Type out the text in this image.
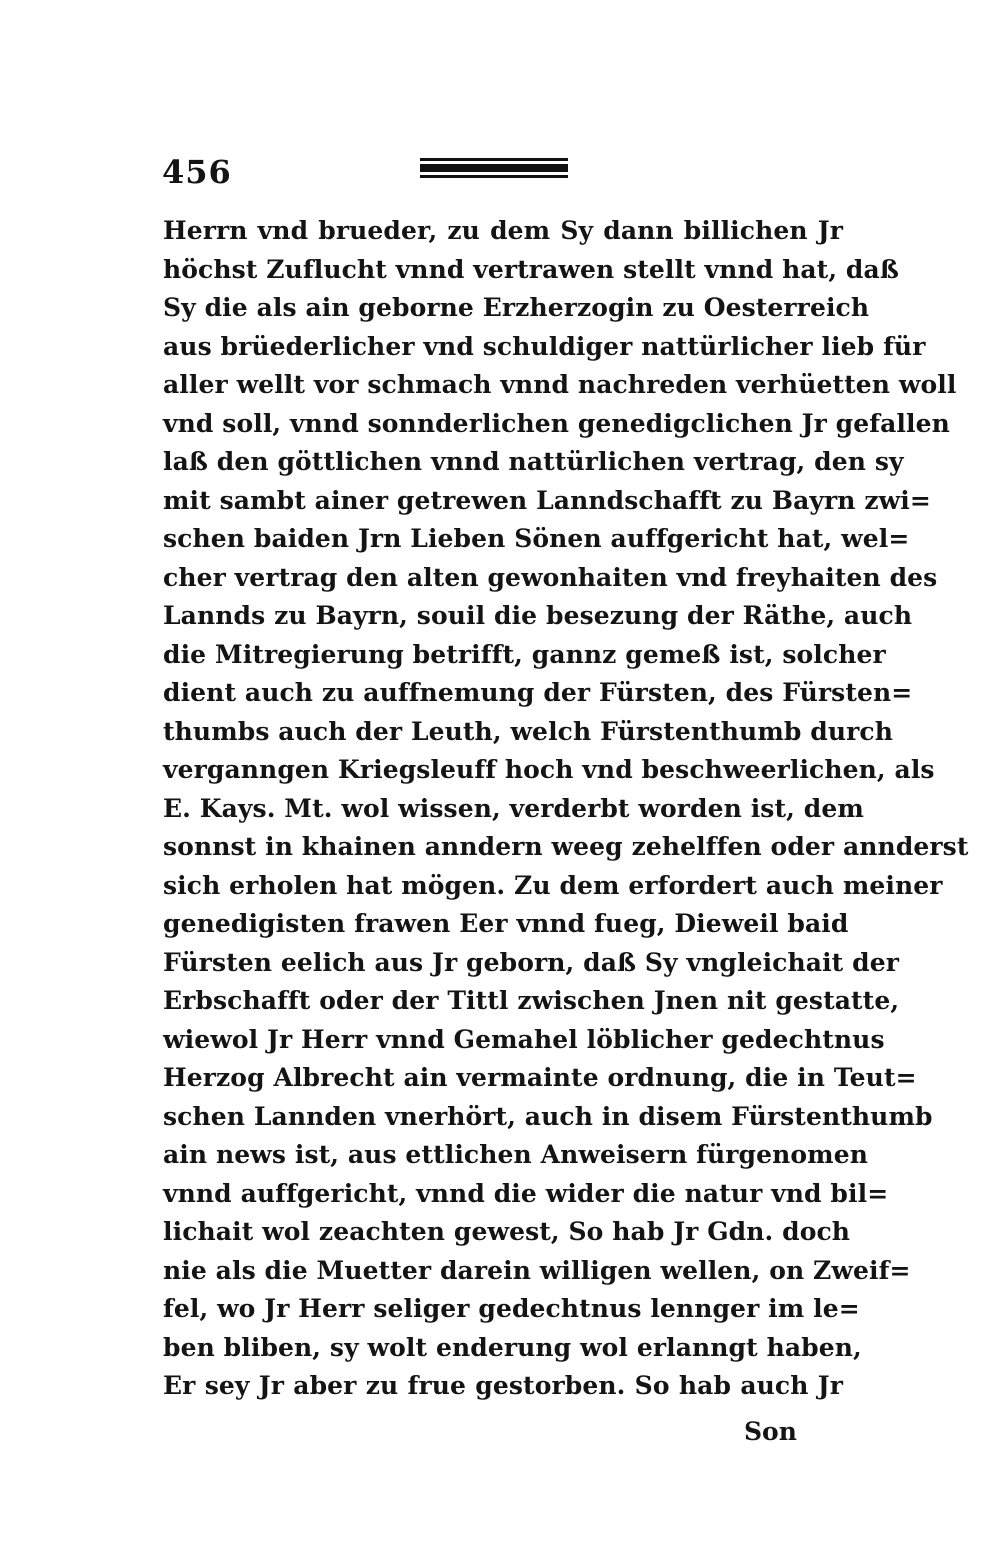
456
Herrn vnd brueder, zu dem Sy dann billichen Jr
höchst Zuflucht vnnd vertrawen stellt vnnd hat, daß
Sy die als ain geborne Erzherzogin zu Oesterreich
aus brüederlicher vnd schuldiger nattürlicher lieb für
aller wellt vor schmach vnnd nachreden verhüetten woll
vnd soll, vnnd sonnderlichen genedigclichen Jr gefallen
laß den göttlichen vnnd nattürlichen vertrag, den sy
mit sambt ainer getrewen Lanndschafft zu Bayrn zwi=
schen baiden Jrn Lieben Sönen auffgericht hat, wel=
cher vertrag den alten gewonhaiten vnd freyhaiten des
Lannds zu Bayrn, souil die besezung der Räthe, auch
die Mitregierung betrifft, gannz gemeß ist, solcher
dient auch zu auffnemung der Fürsten, des Fürsten=
thumbs auch der Leuth, welch Fürstenthumb durch
verganngen Kriegsleuff hoch vnd beschweerlichen, als
E. Kays. Mt. wol wissen, verderbt worden ist, dem
sonnst in khainen anndern weeg zehelffen oder annderst
sich erholen hat mögen. Zu dem erfordert auch meiner
genedigisten frawen Eer vnnd fueg, Dieweil baid
Fürsten eelich aus Jr geborn, daß Sy vngleichait der
Erbschafft oder der Tittl zwischen Jnen nit gestatte,
wiewol Jr Herr vnnd Gemahel löblicher gedechtnus
Herzog Albrecht ain vermainte ordnung, die in Teut=
schen Lannden vnerhört, auch in disem Fürstenthumb
ain news ist, aus ettlichen Anweisern fürgenomen
vnnd auffgericht, vnnd die wider die natur vnd bil=
lichait wol zeachten gewest, So hab Jr Gdn. doch
nie als die Muetter darein willigen wellen, on Zweif=
fel, wo Jr Herr seliger gedechtnus lennger im le=
ben bliben, sy wolt enderung wol erlanngt haben,
Er sey Jr aber zu frue gestorben. So hab auch Jr
Son
